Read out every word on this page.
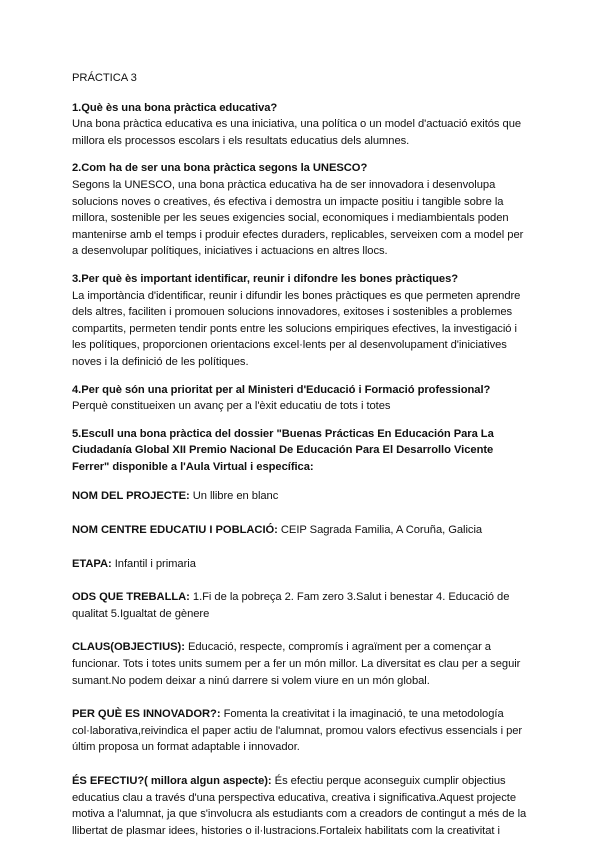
PRÁCTICA 3
1.Què ès una bona pràctica educativa?

Una bona pràctica educativa es una iniciativa, una política o un model d'actuació exitós que millora els processos escolars i els resultats educatius dels alumnes.

2.Com ha de ser una bona pràctica segons la UNESCO?

Segons la UNESCO, una bona pràctica educativa ha de ser innovadora i desenvolupa solucions noves o creatives, és efectiva i demostra un impacte positiu i tangible sobre la millora, sostenible per les seues exigencies social, economiques i mediambientals poden mantenirse amb el temps i produir efectes duraders, replicables, serveixen com a model per a desenvolupar polítiques, iniciatives i actuacions en altres llocs.

3.Per què ès important identificar, reunir i difondre les bones pràctiques?

La importància d'identificar, reunir i difundir les bones pràctiques es que permeten aprendre dels altres, faciliten i promouen solucions innovadores, exitoses i sostenibles a problemes compartits, permeten tendir ponts entre les solucions empiriques efectives, la investigació i les polítiques, proporcionen orientacions excel·lents per al desenvolupament d'iniciatives noves i la definició de les polítiques.

4.Per què són una prioritat per al Ministeri d'Educació i Formació professional?

Perquè constitueixen un avanç per a l'èxit educatiu de tots i totes

5.Escull una bona pràctica del dossier "Buenas Prácticas En Educación Para La Ciudadanía Global XII Premio Nacional De Educación Para El Desarrollo Vicente Ferrer" disponible a l'Aula Virtual i específica:

NOM DEL PROJECTE: Un llibre en blanc

NOM CENTRE EDUCATIU I POBLACIÓ: CEIP Sagrada Familia, A Coruña, Galicia

ETAPA: Infantil i primaria

ODS QUE TREBALLA: 1.Fi de la pobreça 2. Fam zero 3.Salut i benestar 4. Educació de qualitat 5.Igualtat de gènere

CLAUS(OBJECTIUS): Educació, respecte, compromís i agraïment per a començar a funcionar. Tots i totes units sumem per a fer un món millor. La diversitat es clau per a seguir sumant.No podem deixar a ninú darrere si volem viure en un món global.

PER QUÈ ES INNOVADOR?: Fomenta la creativitat i la imaginació, te una metodología col·laborativa,reivindica el paper actiu de l'alumnat, promou valors efectivus essencials i per últim proposa un format adaptable i innovador.

ÉS EFECTIU?( millora algun aspecte): És efectiu perque aconseguix cumplir objectius educatius clau a través d'una perspectiva educativa, creativa i significativa.Aquest projecte motiva a l'alumnat, ja que s'involucra als estudiants com a creadors de contingut a més de la llibertat de plasmar idees, histories o il·lustracions.Fortaleix habilitats com la creativitat i
